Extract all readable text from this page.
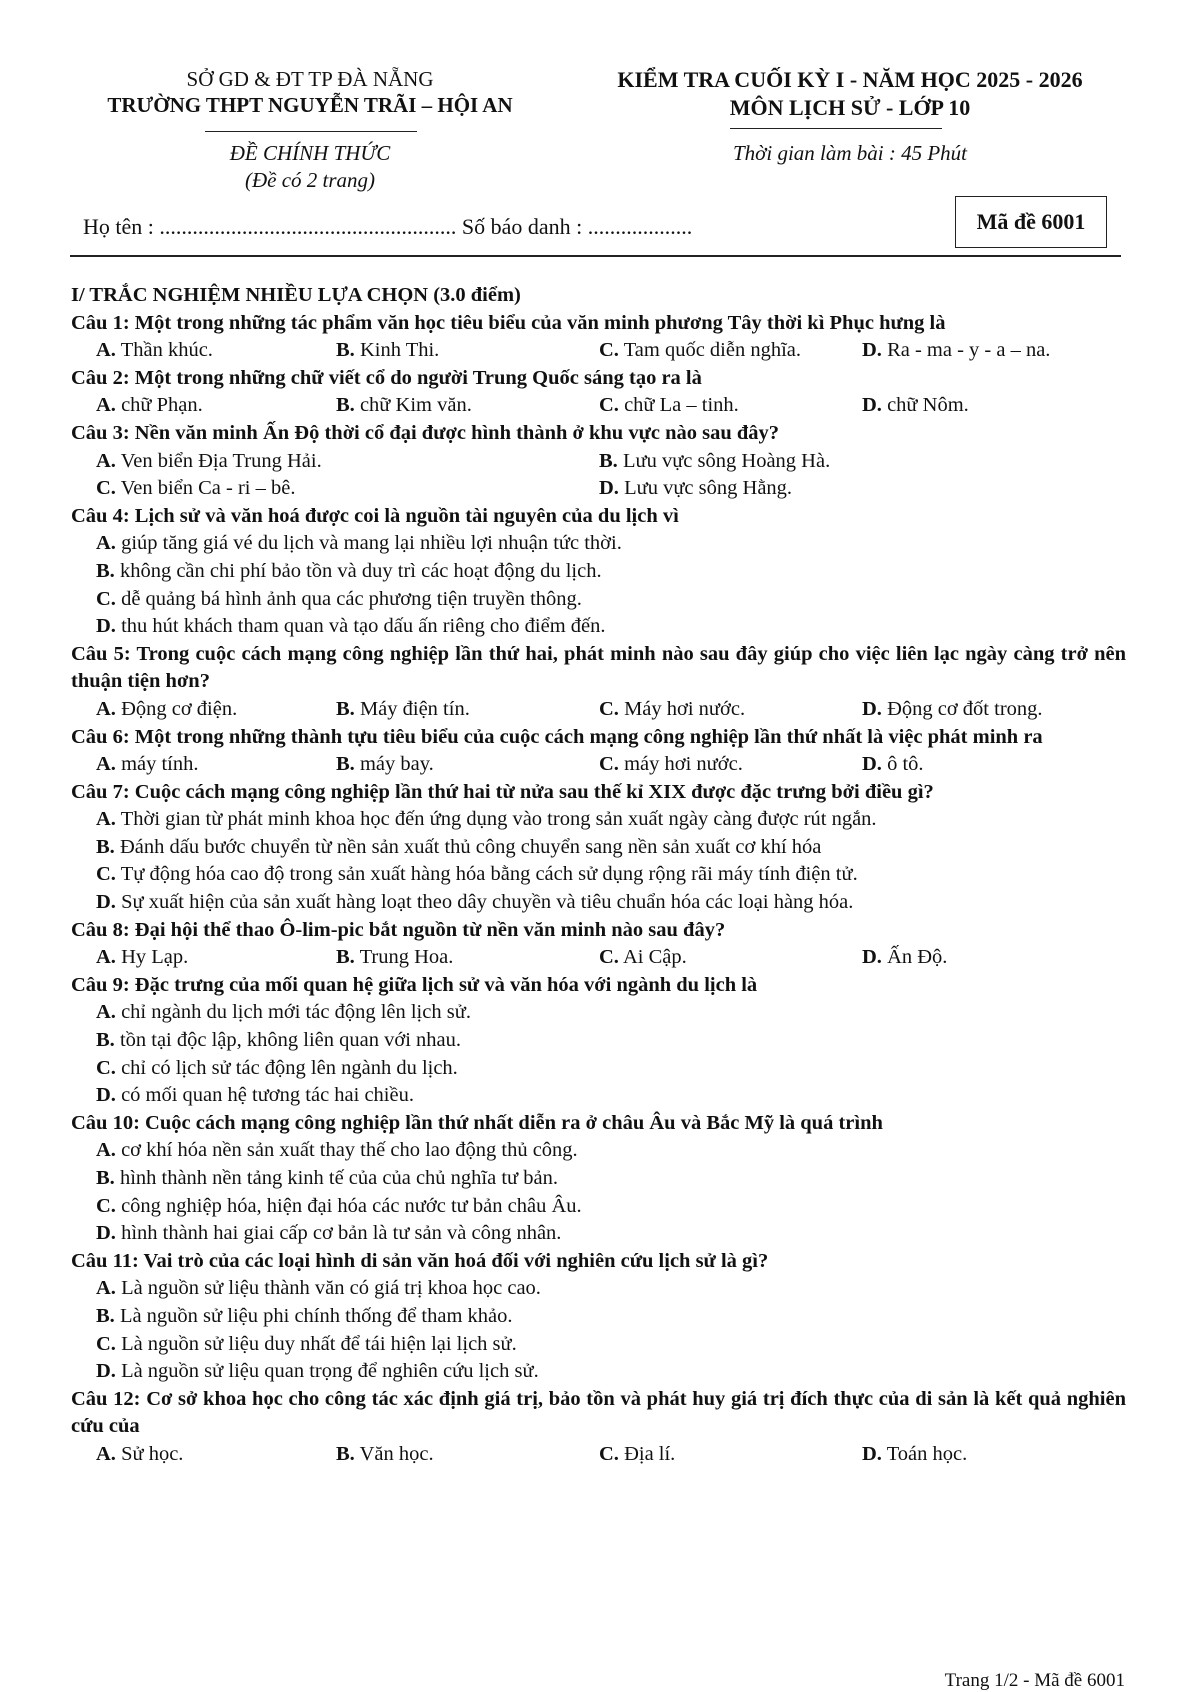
SỞ GD & ĐT TP ĐÀ NẴNG
TRƯỜNG THPT NGUYỄN TRÃI – HỘI AN
KIỂM TRA CUỐI KỲ I - NĂM HỌC 2025 - 2026
MÔN LỊCH SỬ - LỚP 10
ĐỀ CHÍNH THỨC
(Đề có 2 trang)
Thời gian làm bài : 45 Phút
Họ tên : ...................................................... Số báo danh : ...................	Mã đề 6001
I/ TRẮC NGHIỆM NHIỀU LỰA CHỌN (3.0 điểm)
Câu 1: Một trong những tác phẩm văn học tiêu biểu của văn minh phương Tây thời kì Phục hưng là
A. Thần khúc.	B. Kinh Thi.	C. Tam quốc diễn nghĩa.	D. Ra - ma - y - a – na.
Câu 2: Một trong những chữ viết cổ do người Trung Quốc sáng tạo ra là
A. chữ Phạn.	B. chữ Kim văn.	C. chữ La – tinh.	D. chữ Nôm.
Câu 3: Nền văn minh Ấn Độ thời cổ đại được hình thành ở khu vực nào sau đây?
A. Ven biển Địa Trung Hải.	B. Lưu vực sông Hoàng Hà.
C. Ven biển Ca - ri – bê.	D. Lưu vực sông Hằng.
Câu 4: Lịch sử và văn hoá được coi là nguồn tài nguyên của du lịch vì
A. giúp tăng giá vé du lịch và mang lại nhiều lợi nhuận tức thời.
B. không cần chi phí bảo tồn và duy trì các hoạt động du lịch.
C. dễ quảng bá hình ảnh qua các phương tiện truyền thông.
D. thu hút khách tham quan và tạo dấu ấn riêng cho điểm đến.
Câu 5: Trong cuộc cách mạng công nghiệp lần thứ hai, phát minh nào sau đây giúp cho việc liên lạc ngày càng trở nên thuận tiện hơn?
A. Động cơ điện.	B. Máy điện tín.	C. Máy hơi nước.	D. Động cơ đốt trong.
Câu 6: Một trong những thành tựu tiêu biểu của cuộc cách mạng công nghiệp lần thứ nhất là việc phát minh ra
A. máy tính.	B. máy bay.	C. máy hơi nước.	D. ô tô.
Câu 7: Cuộc cách mạng công nghiệp lần thứ hai từ nửa sau thế kỉ XIX được đặc trưng bởi điều gì?
A. Thời gian từ phát minh khoa học đến ứng dụng vào trong sản xuất ngày càng được rút ngắn.
B. Đánh dấu bước chuyển từ nền sản xuất thủ công chuyển sang nền sản xuất cơ khí hóa
C. Tự động hóa cao độ trong sản xuất hàng hóa bằng cách sử dụng rộng rãi máy tính điện tử.
D. Sự xuất hiện của sản xuất hàng loạt theo dây chuyền và tiêu chuẩn hóa các loại hàng hóa.
Câu 8: Đại hội thể thao Ô-lim-pic bắt nguồn từ nền văn minh nào sau đây?
A. Hy Lạp.	B. Trung Hoa.	C. Ai Cập.	D. Ấn Độ.
Câu 9: Đặc trưng của mối quan hệ giữa lịch sử và văn hóa với ngành du lịch là
A. chỉ ngành du lịch mới tác động lên lịch sử.
B. tồn tại độc lập, không liên quan với nhau.
C. chỉ có lịch sử tác động lên ngành du lịch.
D. có mối quan hệ tương tác hai chiều.
Câu 10: Cuộc cách mạng công nghiệp lần thứ nhất diễn ra ở châu Âu và Bắc Mỹ là quá trình
A. cơ khí hóa nền sản xuất thay thế cho lao động thủ công.
B. hình thành nền tảng kinh tế của của chủ nghĩa tư bản.
C. công nghiệp hóa, hiện đại hóa các nước tư bản châu Âu.
D. hình thành hai giai cấp cơ bản là tư sản và công nhân.
Câu 11: Vai trò của các loại hình di sản văn hoá đối với nghiên cứu lịch sử là gì?
A. Là nguồn sử liệu thành văn có giá trị khoa học cao.
B. Là nguồn sử liệu phi chính thống để tham khảo.
C. Là nguồn sử liệu duy nhất để tái hiện lại lịch sử.
D. Là nguồn sử liệu quan trọng để nghiên cứu lịch sử.
Câu 12: Cơ sở khoa học cho công tác xác định giá trị, bảo tồn và phát huy giá trị đích thực của di sản là kết quả nghiên cứu của
A. Sử học.	B. Văn học.	C. Địa lí.	D. Toán học.
Trang 1/2 - Mã đề 6001
